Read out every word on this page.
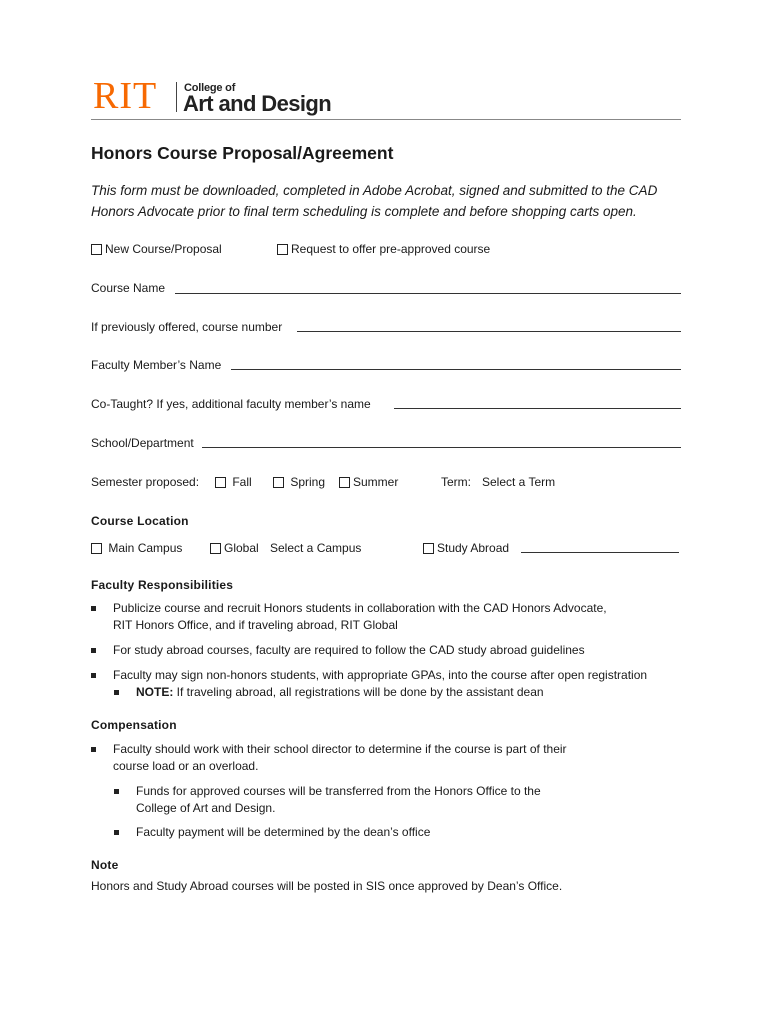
RIT College of
Art and Design
Honors Course Proposal/Agreement
This form must be downloaded, completed in Adobe Acrobat, signed and submitted to the CAD Honors Advocate prior to final term scheduling is complete and before shopping carts open.
New Course/Proposal	Request to offer pre-approved course
Course Name
If previously offered, course number
Faculty Member’s Name
Co-Taught? If yes, additional faculty member’s name
School/Department
Semester proposed:	Fall	Spring	Summer	Term: Select a Term
Course Location
Main Campus	Global Select a Campus	Study Abroad
Faculty Responsibilities
Publicize course and recruit Honors students in collaboration with the CAD Honors Advocate,
RIT Honors Office, and if traveling abroad, RIT Global
For study abroad courses, faculty are required to follow the CAD study abroad guidelines
Faculty may sign non-honors students, with appropriate GPAs, into the course after open registration
NOTE: If traveling abroad, all registrations will be done by the assistant dean
Compensation
Faculty should work with their school director to determine if the course is part of their
course load or an overload.
Funds for approved courses will be transferred from the Honors Office to the
College of Art and Design.
Faculty payment will be determined by the dean’s office
Note
Honors and Study Abroad courses will be posted in SIS once approved by Dean’s Office.
